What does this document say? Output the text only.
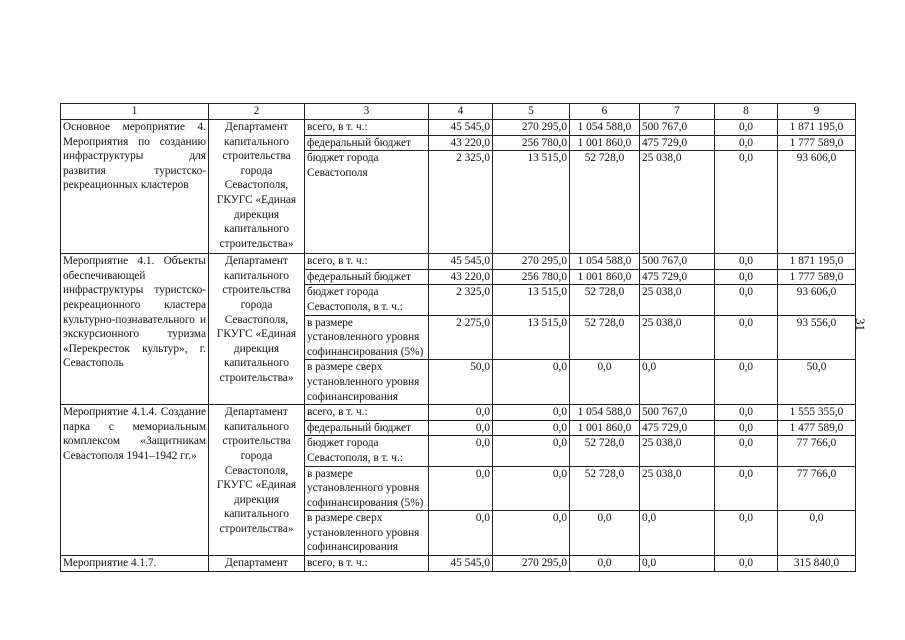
31
1	2	3	4	5	6	7	8	9
Основное мероприятие 4. Мероприятия по созданию инфраструктуры для развития туристско-рекреационных кластеров	Департамент капитального строительства города Севастополя, ГКУГС «Единая дирекция капитального строительства»	всего, в т. ч.:	45 545,0	270 295,0	1 054 588,0	500 767,0	0,0	1 871 195,0
		федеральный бюджет	43 220,0	256 780,0	1 001 860,0	475 729,0	0,0	1 777 589,0
		бюджет города Севастополя	2 325,0	13 515,0	52 728,0	25 038,0	0,0	93 606,0
Мероприятие 4.1. Объекты обеспечивающей инфраструктуры туристско-рекреационного кластера культурно-познавательного и экскурсионного туризма «Перекресток культур», г. Севастополь	Департамент капитального строительства города Севастополя, ГКУГС «Единая дирекция капитального строительства»	всего, в т. ч.:	45 545,0	270 295,0	1 054 588,0	500 767,0	0,0	1 871 195,0
		федеральный бюджет	43 220,0	256 780,0	1 001 860,0	475 729,0	0,0	1 777 589,0
		бюджет города Севастополя, в т. ч.:	2 325,0	13 515,0	52 728,0	25 038,0	0,0	93 606,0
		в размере установленного уровня софинансирования (5%)	2 275,0	13 515,0	52 728,0	25 038,0	0,0	93 556,0
		в размере сверх установленного уровня софинансирования	50,0	0,0	0,0	0,0	0,0	50,0
Мероприятие 4.1.4. Создание парка с мемориальным комплексом «Защитникам Севастополя 1941–1942 гг.»	Департамент капитального строительства города Севастополя, ГКУГС «Единая дирекция капитального строительства»	всего, в т. ч.:	0,0	0,0	1 054 588,0	500 767,0	0,0	1 555 355,0
		федеральный бюджет	0,0	0,0	1 001 860,0	475 729,0	0,0	1 477 589,0
		бюджет города Севастополя, в т. ч.:	0,0	0,0	52 728,0	25 038,0	0,0	77 766,0
		в размере установленного уровня софинансирования (5%)	0,0	0,0	52 728,0	25 038,0	0,0	77 766,0
		в размере сверх установленного уровня софинансирования	0,0	0,0	0,0	0,0	0,0	0,0
Мероприятие 4.1.7.	Департамент	всего, в т. ч.:	45 545,0	270 295,0	0,0	0,0	0,0	315 840,0
